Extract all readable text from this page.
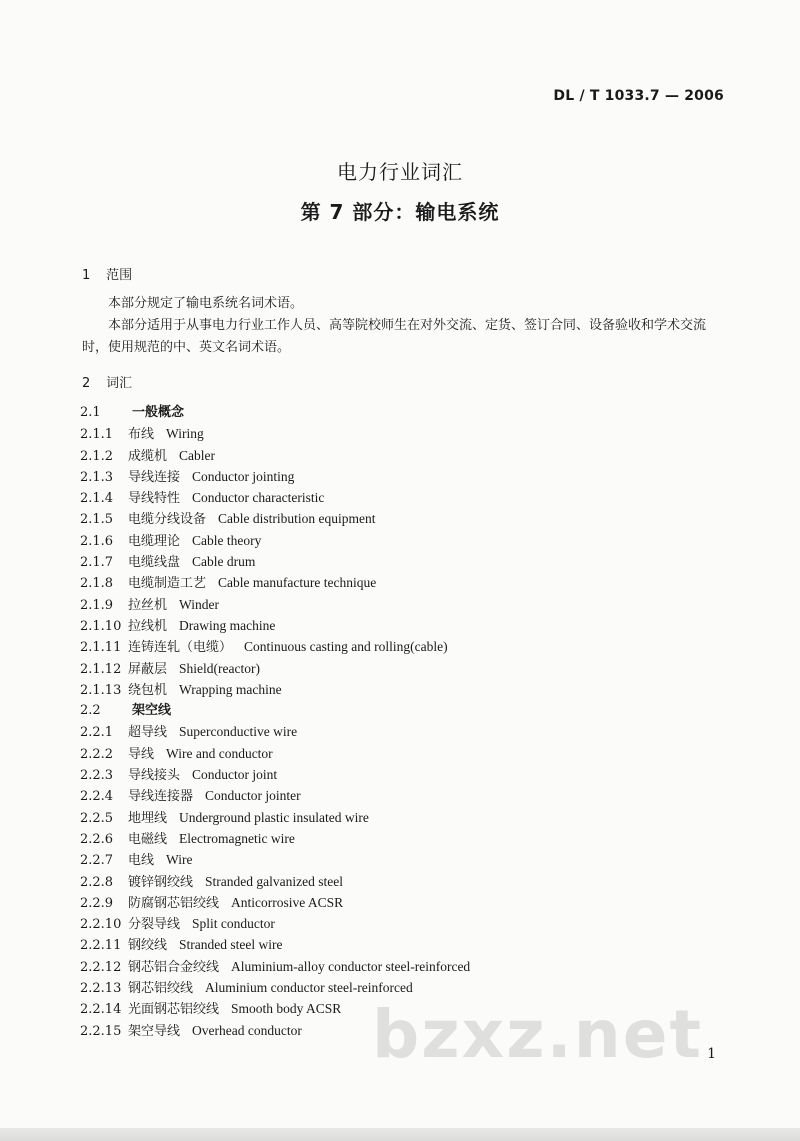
DL / T 1033.7 — 2006
电力行业词汇
第 7 部分：输电系统
1 范围

本部分规定了输电系统名词术语。

本部分适用于从事电力行业工作人员、高等院校师生在对外交流、定货、签订合同、设备验收和学术交流时，使用规范的中、英文名词术语。

2 词汇
2.1 一般概念
2.1.1 布线 Wiring
2.1.2 成缆机 Cabler
2.1.3 导线连接 Conductor jointing
2.1.4 导线特性 Conductor characteristic
2.1.5 电缆分线设备 Cable distribution equipment
2.1.6 电缆理论 Cable theory
2.1.7 电缆线盘 Cable drum
2.1.8 电缆制造工艺 Cable manufacture technique
2.1.9 拉丝机 Winder
2.1.10 拉线机 Drawing machine
2.1.11 连铸连轧（电缆） Continuous casting and rolling(cable)
2.1.12 屏蔽层 Shield(reactor)
2.1.13 绕包机 Wrapping machine
2.2 架空线
2.2.1 超导线 Superconductive wire
2.2.2 导线 Wire and conductor
2.2.3 导线接头 Conductor joint
2.2.4 导线连接器 Conductor jointer
2.2.5 地埋线 Underground plastic insulated wire
2.2.6 电磁线 Electromagnetic wire
2.2.7 电线 Wire
2.2.8 镀锌钢绞线 Stranded galvanized steel
2.2.9 防腐钢芯铝绞线 Anticorrosive ACSR
2.2.10 分裂导线 Split conductor
2.2.11 钢绞线 Stranded steel wire
2.2.12 钢芯铝合金绞线 Aluminium-alloy conductor steel-reinforced
2.2.13 钢芯铝绞线 Aluminium conductor steel-reinforced
2.2.14 光面钢芯铝绞线 Smooth body ACSR
2.2.15 架空导线 Overhead conductor	bzxz.net 1
